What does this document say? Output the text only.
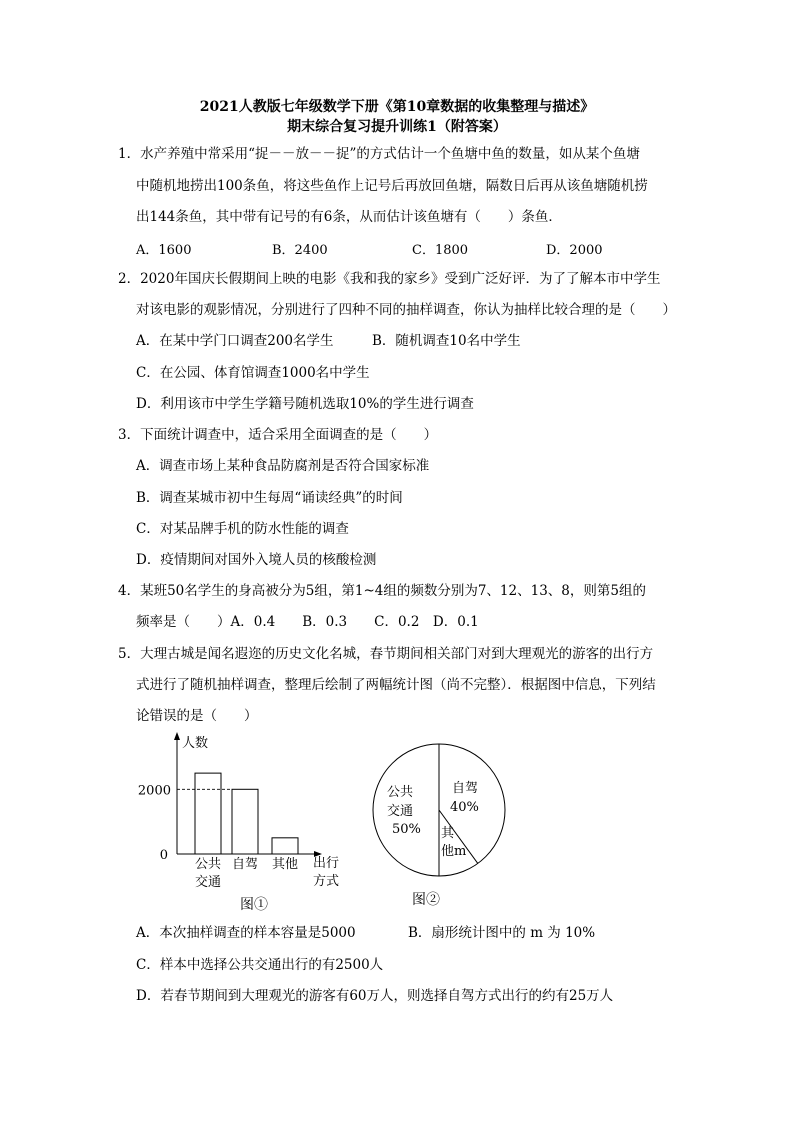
2021人教版七年级数学下册《第10章数据的收集整理与描述》
期末综合复习提升训练1（附答案）
1．水产养殖中常采用“捉－－放－－捉”的方式估计一个鱼塘中鱼的数量，如从某个鱼塘
中随机地捞出100条鱼，将这些鱼作上记号后再放回鱼塘，隔数日后再从该鱼塘随机捞
出144条鱼，其中带有记号的有6条，从而估计该鱼塘有（　　）条鱼．
A．1600	B．2400	C．1800	D．2000
2．2020年国庆长假期间上映的电影《我和我的家乡》受到广泛好评．为了了解本市中学生
对该电影的观影情况，分别进行了四种不同的抽样调查，你认为抽样比较合理的是（　　）
A．在某中学门口调查200名学生	B．随机调查10名中学生
C．在公园、体育馆调查1000名中学生
D．利用该市中学生学籍号随机选取10%的学生进行调查
3．下面统计调查中，适合采用全面调查的是（　　）
A．调查市场上某种食品防腐剂是否符合国家标准
B．调查某城市初中生每周“诵读经典”的时间
C．对某品牌手机的防水性能的调查
D．疫情期间对国外入境人员的核酸检测
4．某班50名学生的身高被分为5组，第1~4组的频数分别为7、12、13、8，则第5组的
频率是（　　）A．0.4　　B．0.3　　C．0.2　D．0.1
5．大理古城是闻名遐迩的历史文化名城，春节期间相关部门对到大理观光的游客的出行方
式进行了随机抽样调查，整理后绘制了两幅统计图（尚不完整）．根据图中信息，下列结
论错误的是（　　）
人数
出行
方式
公共
交通
自驾 其他
0
2000
图①
公共
交通
50%
自驾
40%
其
他m
图②
A．本次抽样调查的样本容量是5000	B．扇形统计图中的 m 为 10%
C．样本中选择公共交通出行的有2500人
D．若春节期间到大理观光的游客有60万人，则选择自驾方式出行的约有25万人
